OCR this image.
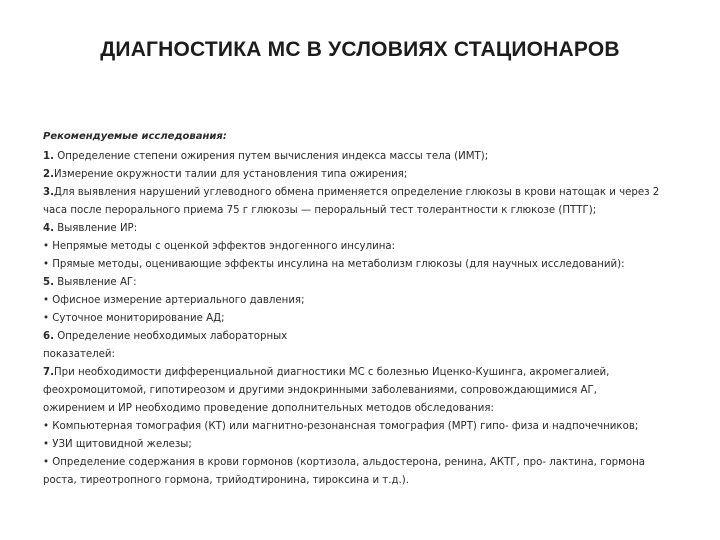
ДИАГНОСТИКА МС В УСЛОВИЯХ СТАЦИОНАРОВ
Рекомендуемые исследования:
1. Определение степени ожирения путем вычисления индекса массы тела (ИМТ);
2.Измерение окружности талии для установления типа ожирения;
3.Для выявления нарушений углеводного обмена применяется определение глюкозы в крови натощак и через 2
часа после перорального приема 75 г глюкозы — пероральный тест толерантности к глюкозе (ПТТГ);
4. Выявление ИР:
• Непрямые методы с оценкой эффектов эндогенного инсулина:
• Прямые методы, оценивающие эффекты инсулина на метаболизм глюкозы (для научных исследований):
5. Выявление АГ:
• Офисное измерение артериального давления;
• Суточное мониторирование АД;
6. Определение необходимых лабораторных
показателей:
7.При необходимости дифференциальной диагностики МС с болезнью Иценко-Кушинга, акромегалией,
феохромоцитомой, гипотиреозом и другими эндокринными заболеваниями, сопровождающимися АГ,
ожирением и ИР необходимо проведение дополнительных методов обследования:
• Компьютерная томография (КТ) или магнитно-резонансная томография (МРТ) гипо- физа и надпочечников;
• УЗИ щитовидной железы;
• Определение содержания в крови гормонов (кортизола, альдостерона, ренина, АКТГ, про- лактина, гормона
роста, тиреотропного гормона, трийодтиронина, тироксина и т.д.).
